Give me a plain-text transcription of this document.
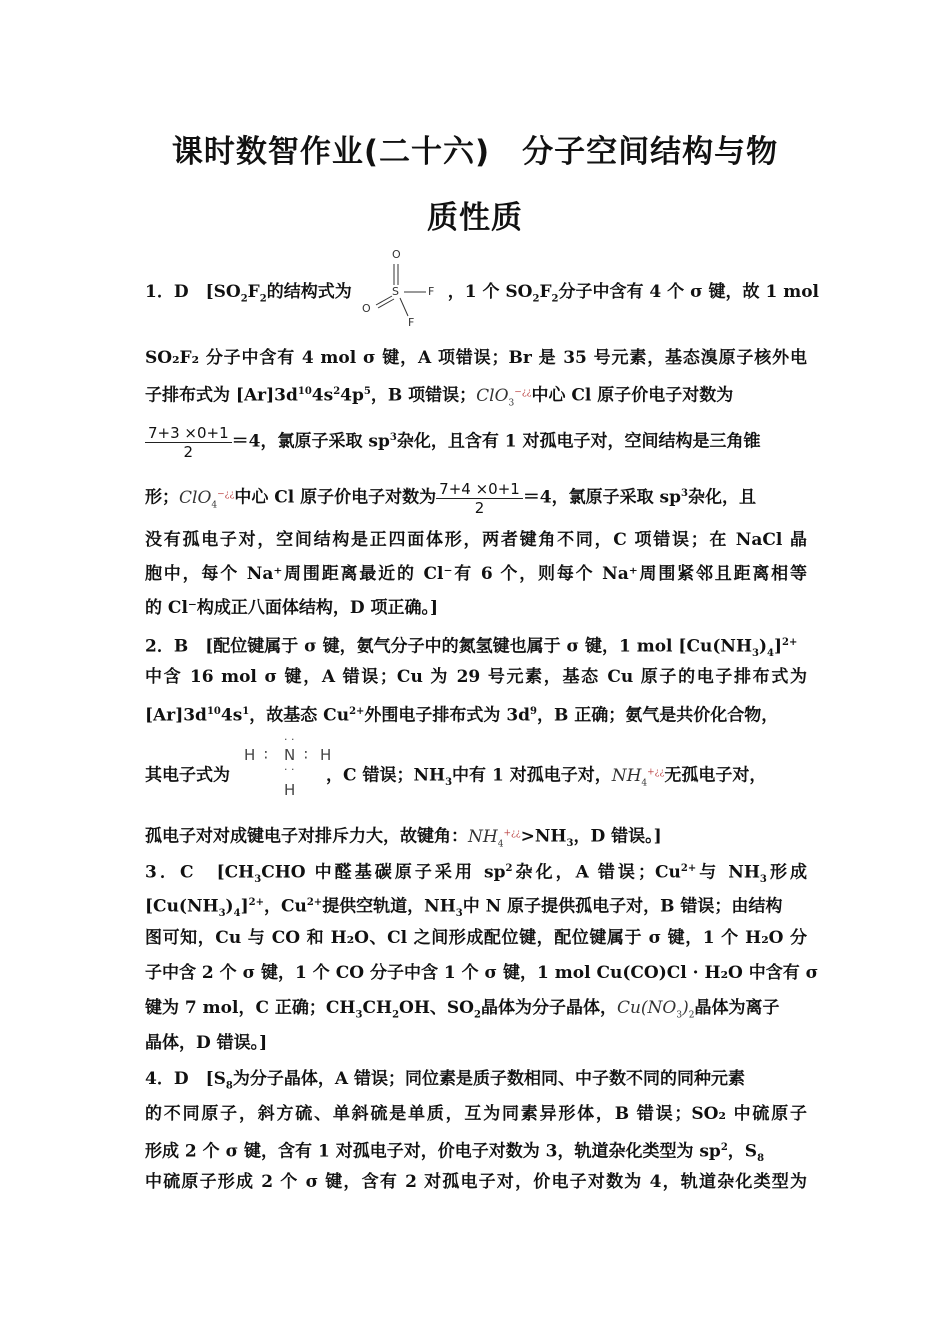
课时数智作业(二十六)　分子空间结构与物
质性质
O
O
S	F
F
1．D　[$SO_2F_2$的结构式为	，1 个 $SO_2F_2$分子中含有 4 个 σ 键，故 1 mol
SO₂F₂ 分子中含有 4 mol σ 键，A 项错误；Br 是 35 号元素，基态溴原子核外电
子排布式为 $[Ar]3d^{10}4s^24p^5$，B 项错误；ClO$_3$−¿¿中心 Cl 原子价电子对数为
$\frac{7+3 \times 0+1}{2} =4$，氯原子采取 $sp^3$杂化，且含有 1 对孤电子对，空间结构是三角锥
形；ClO$_4$−¿¿中心 Cl 原子价电子对数为 $\frac{7+4 \times 0+1}{2} =4$，氯原子采取 $sp^3$杂化，且
没有孤电子对，空间结构是正四面体形，两者键角不同，C 项错误；在 NaCl 晶
胞中，每个 Na⁺周围距离最近的 Cl⁻有 6 个，则每个 Na⁺周围紧邻且距离相等
的 Cl⁻构成正八面体结构，D 项正确。]
2．B　[配位键属于 σ 键，氨气分子中的氮氢键也属于 σ 键，1 mol $[Cu(NH_3)_4]^{2+}$
中含 16 mol σ 键，A 错误；Cu 为 29 号元素，基态 Cu 原子的电子排布式为
$[Ar]3d^{10}4s^1$，故基态 $Cu^{2+}$外围电子排布式为 $3d^9$，B 正确；氨气是共价化合物，
· ·
H ∶ N ∶ H
· ·
H
其电子式为	，C 错误；$NH_3$中有 1 对孤电子对，$NH_4^{+¿¿}$无孤电子对，
孤电子对对成键电子对排斥力大，故键角：$NH_4^{+¿¿}>NH_3$，D 错误。]
3．C　[$CH_3CHO$ 中醛基碳原子采用 $sp^2$杂化，A 错误；$Cu^{2+}$与 $NH_3$形成
$[Cu(NH_3)_4]^{2+}$，$Cu^{2+}$提供空轨道，$NH_3$中 N 原子提供孤电子对，B 错误；由结构
图可知，Cu 与 CO 和 H₂O、Cl 之间形成配位键，配位键属于 σ 键，1 个 H₂O 分
子中含 2 个 σ 键，1 个 CO 分子中含 1 个 σ 键，1 mol Cu(CO)Cl · H₂O 中含有 σ
键为 7 mol，C 正确；$CH_3CH_2OH$、$SO_2$晶体为分子晶体，$Cu(NO_3)_2$晶体为离子
晶体，D 错误。]
4．D　[$S_8$为分子晶体，A 错误；同位素是质子数相同、中子数不同的同种元素
的不同原子，斜方硫、单斜硫是单质，互为同素异形体，B 错误；SO₂ 中硫原子
形成 2 个 σ 键，含有 1 对孤电子对，价电子对数为 3，轨道杂化类型为 $sp^2$，$S_8$
中硫原子形成 2 个 σ 键，含有 2 对孤电子对，价电子对数为 4，轨道杂化类型为
